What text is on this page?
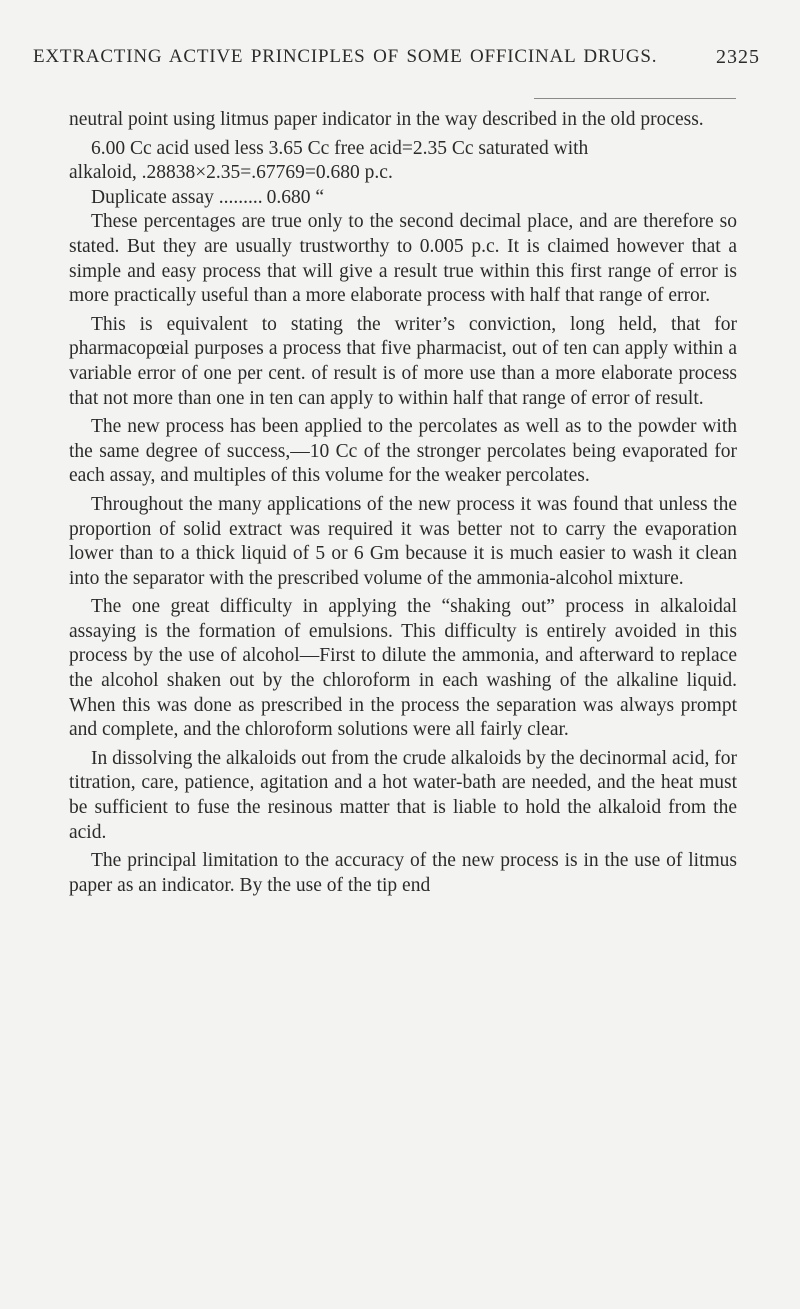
EXTRACTING ACTIVE PRINCIPLES OF SOME OFFICINAL DRUGS.	2325

neutral point using litmus paper indicator in the way described in the old process.

6.00 Cc acid used less 3.65 Cc free acid=2.35 Cc saturated with

alkaloid, .28838×2.35=.67769=0.680 p.c.

Duplicate assay ......... 0.680 “

These percentages are true only to the second decimal place, and are therefore so stated. But they are usually trustworthy to 0.005 p.c. It is claimed however that a simple and easy process that will give a result true within this first range of error is more practically useful than a more elaborate process with half that range of error.

This is equivalent to stating the writer’s conviction, long held, that for pharmacopœial purposes a process that five pharmacist, out of ten can apply within a variable error of one per cent. of result is of more use than a more elaborate process that not more than one in ten can apply to within half that range of error of result.

The new process has been applied to the percolates as well as to the powder with the same degree of success,—10 Cc of the stronger percolates being evaporated for each assay, and multiples of this volume for the weaker percolates.

Throughout the many applications of the new process it was found that unless the proportion of solid extract was required it was better not to carry the evaporation lower than to a thick liquid of 5 or 6 Gm because it is much easier to wash it clean into the separator with the prescribed volume of the ammonia-alcohol mixture.

The one great difficulty in applying the “shaking out” process in alkaloidal assaying is the formation of emulsions. This difficulty is entirely avoided in this process by the use of alcohol—First to dilute the ammonia, and afterward to replace the alcohol shaken out by the chloroform in each washing of the alkaline liquid. When this was done as prescribed in the process the separation was always prompt and complete, and the chloroform solutions were all fairly clear.

In dissolving the alkaloids out from the crude alkaloids by the decinormal acid, for titration, care, patience, agitation and a hot water-bath are needed, and the heat must be sufficient to fuse the resinous matter that is liable to hold the alkaloid from the acid.

The principal limitation to the accuracy of the new process is in the use of litmus paper as an indicator. By the use of the tip end
